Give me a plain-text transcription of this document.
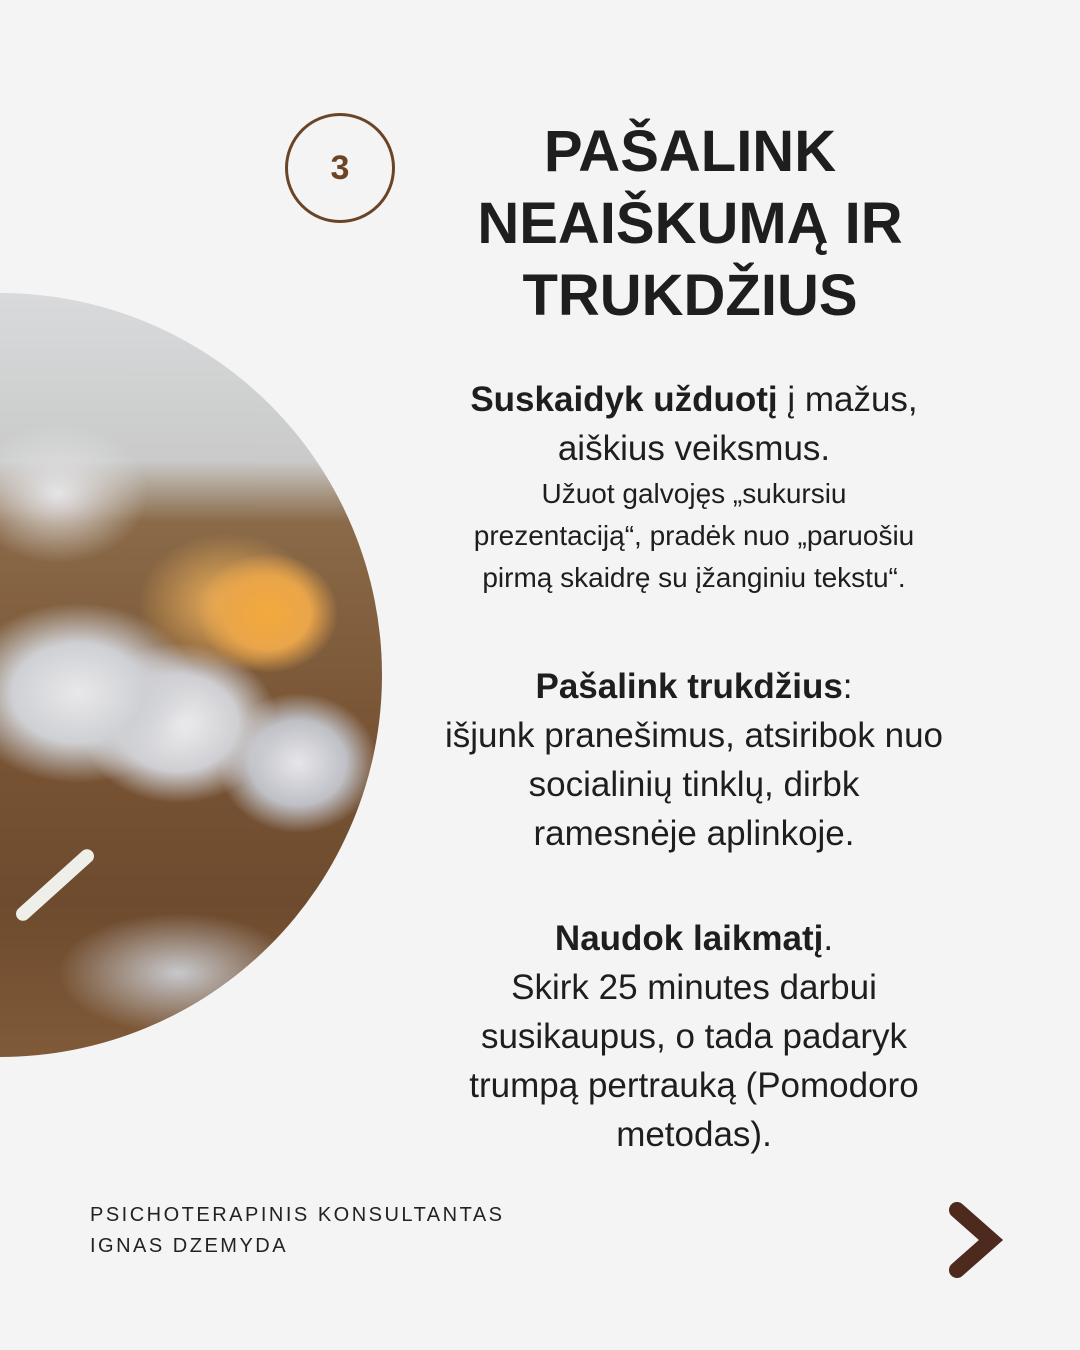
3	PAŠALINK
NEAIŠKUMĄ IR
TRUKDŽIUS
Suskaidyk užduotį į mažus,
aiškius veiksmus.
Užuot galvojęs „sukursiu
prezentaciją“, pradėk nuo „paruošiu
pirmą skaidrę su įžanginiu tekstu“.
Pašalink trukdžius:
išjunk pranešimus, atsiribok nuo
socialinių tinklų, dirbk
ramesnėje aplinkoje.
Naudok laikmatį.
Skirk 25 minutes darbui
susikaupus, o tada padaryk
trumpą pertrauką (Pomodoro
metodas).
PSICHOTERAPINIS KONSULTANTAS
IGNAS DZEMYDA
